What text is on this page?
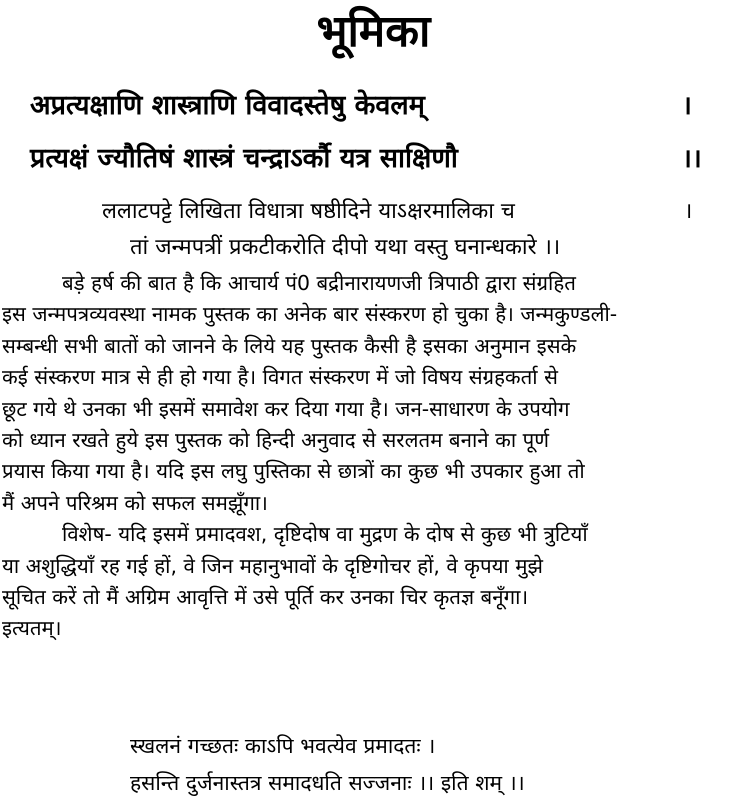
भूमिका

अप्रत्यक्षाणि शास्त्राणि विवादस्तेषु केवलम्	।

प्रत्यक्षं ज्यौतिषं शास्त्रं चन्द्राऽर्कौ यत्र साक्षिणौ	।।

ललाटपट्टे लिखिता विधात्रा षष्ठीदिने याऽक्षरमालिका च	।

तां जन्मपत्रीं प्रकटीकरोति दीपो यथा वस्तु घनान्धकारे ।।

बड़े हर्ष की बात है कि आचार्य पं0 बद्रीनारायणजी त्रिपाठी द्वारा संग्रहित

इस जन्मपत्रव्यवस्था नामक पुस्तक का अनेक बार संस्करण हो चुका है। जन्मकुण्डली-

सम्बन्धी सभी बातों को जानने के लिये यह पुस्तक कैसी है इसका अनुमान इसके

कई संस्करण मात्र से ही हो गया है। विगत संस्करण में जो विषय संग्रहकर्ता से

छूट गये थे उनका भी इसमें समावेश कर दिया गया है। जन-साधारण के उपयोग

को ध्यान रखते हुये इस पुस्तक को हिन्दी अनुवाद से सरलतम बनाने का पूर्ण

प्रयास किया गया है। यदि इस लघु पुस्तिका से छात्रों का कुछ भी उपकार हुआ तो

मैं अपने परिश्रम को सफल समझूँगा।

विशेष- यदि इसमें प्रमादवश, दृष्टिदोष वा मुद्रण के दोष से कुछ भी त्रुटियाँ

या अशुद्धियाँ रह गई हों, वे जिन महानुभावों के दृष्टिगोचर हों, वे कृपया मुझे

सूचित करें तो मैं अग्रिम आवृत्ति में उसे पूर्ति कर उनका चिर कृतज्ञ बनूँगा।

इत्यतम्।

स्खलनं गच्छतः काऽपि भवत्येव प्रमादतः ।

हसन्ति दुर्जनास्तत्र समादधति सज्जनाः ।। इति शम् ।।
